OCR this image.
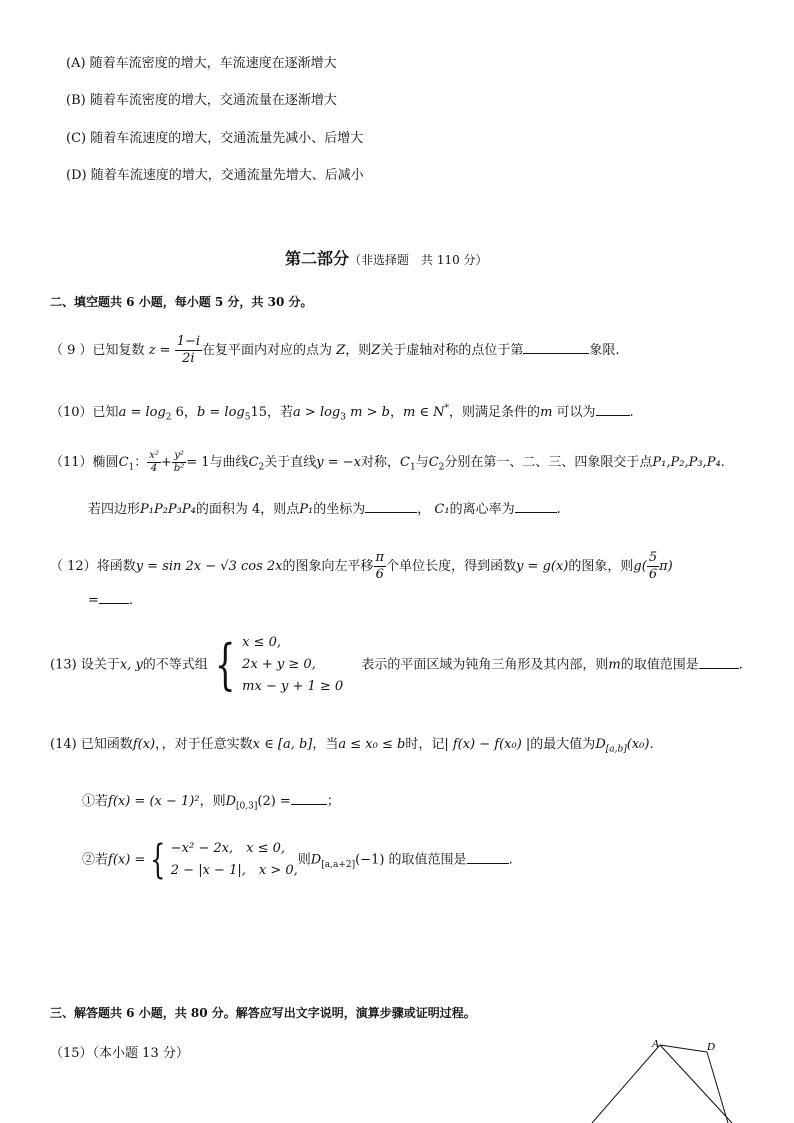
(A) 随着车流密度的增大，车流速度在逐渐增大
(B) 随着车流密度的增大，交通流量在逐渐增大
(C) 随着车流速度的增大，交通流量先减小、后增大
(D) 随着车流速度的增大，交通流量先增大、后减小
第二部分（非选择题　共 110 分）
二、填空题共 6 小题，每小题 5 分，共 30 分。
（ 9 ）已知复数 $z = \frac{1-i}{2i}$ 在复平面内对应的点为 Z，则Z关于虚轴对称的点位于第	象限.
（10）已知$a = \log_2 6$，$b = \log_515$，若$a > \log_3 m > b$，m ∈ N*，则满足条件的m 可以为	.
（11）椭圆$C_1$： $\frac{\text{x²}}{4} + \frac{\text{y²}}{\text{b²}} = 1$与曲线$C_2$关于直线y = −x对称，$C_1$与$C_2$分别在第一、二、三、四象限交于点P₁,P₂,P₃,P₄.
若四边形P₁P₂P₃P₄的面积为 4，则点P₁的坐标为	， C₁的离心率为	.
（ 12）将函数y = sin 2x − √3 cos 2x的图象向左平移 $\frac{\pi}{6}$ 个单位长度，得到函数y = g(x)的图象，则$g( \frac{5}{6} \pi)$
= .
(13) 设关于x, y的不等式组 { x ≤ 0,
2x + y ≥ 0,
mx − y + 1 ≥ 0 表示的平面区域为钝角三角形及其内部，则m的取值范围是	.
(14) 已知函数f(x)，，对于任意实数x ∈ [a, b]，当a ≤ x₀ ≤ b时，记| f(x) − f(x₀) |的最大值为$D_{[a,b]}(x_0)$.
①若f(x) = (x − 1)²，则$D_{[0,3]}(2)$ =	；
②若f(x) = { −x² − 2x,　x ≤ 0,
2 − |x − 1|,　x > 0,则$D_{[a,a+2]}(-1)$ 的取值范围是	.
三、解答题共 6 小题，共 80 分。解答应写出文字说明，演算步骤或证明过程。
（15）（本小题 13 分）
A	D
